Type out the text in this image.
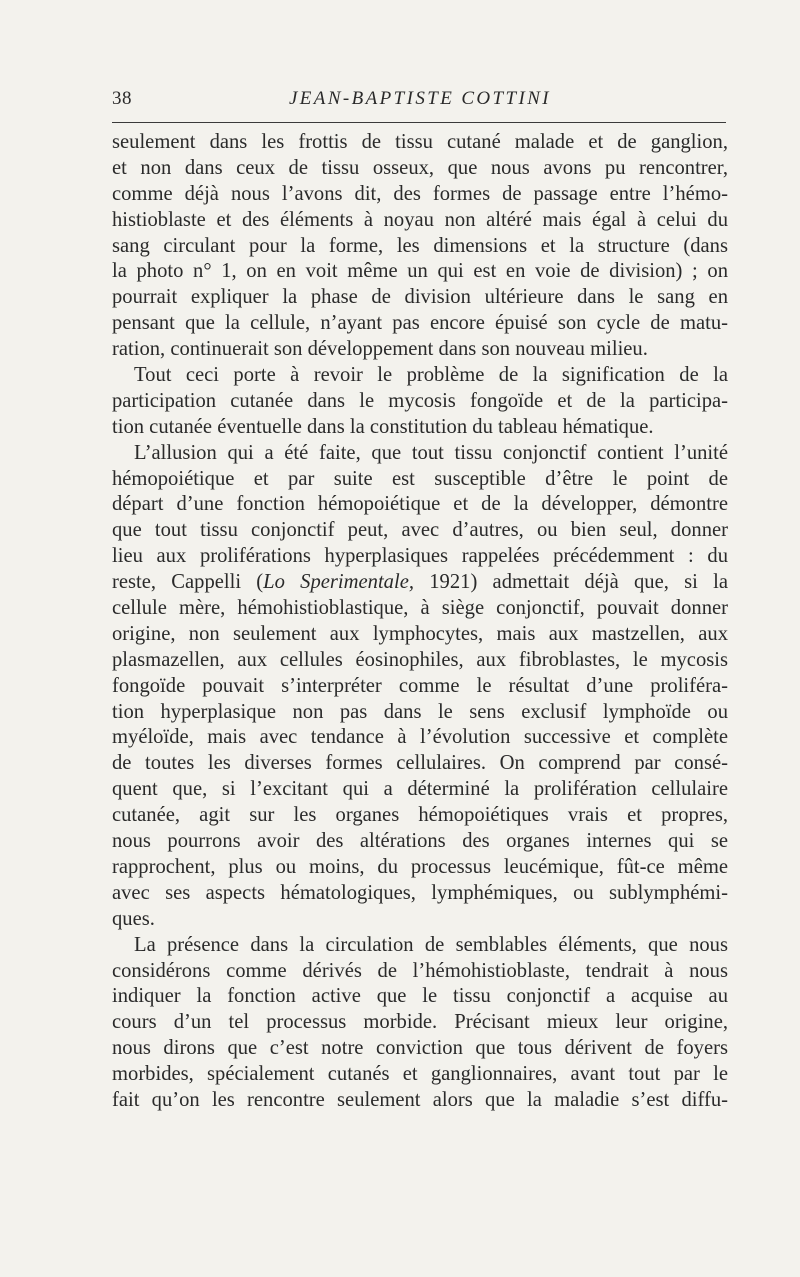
38	JEAN-BAPTISTE COTTINI
seulement dans les frottis de tissu cutané malade et de ganglion,
et non dans ceux de tissu osseux, que nous avons pu rencontrer,
comme déjà nous l’avons dit, des formes de passage entre l’hémo-
histioblaste et des éléments à noyau non altéré mais égal à celui du
sang circulant pour la forme, les dimensions et la structure (dans
la photo n° 1, on en voit même un qui est en voie de division) ; on
pourrait expliquer la phase de division ultérieure dans le sang en
pensant que la cellule, n’ayant pas encore épuisé son cycle de matu-
ration, continuerait son développement dans son nouveau milieu.
Tout ceci porte à revoir le problème de la signification de la
participation cutanée dans le mycosis fongoïde et de la participa-
tion cutanée éventuelle dans la constitution du tableau hématique.
L’allusion qui a été faite, que tout tissu conjonctif contient l’unité
hémopoiétique et par suite est susceptible d’être le point de
départ d’une fonction hémopoiétique et de la développer, démontre
que tout tissu conjonctif peut, avec d’autres, ou bien seul, donner
lieu aux proliférations hyperplasiques rappelées précédemment : du
reste, Cappelli (Lo Sperimentale, 1921) admettait déjà que, si la
cellule mère, hémohistioblastique, à siège conjonctif, pouvait donner
origine, non seulement aux lymphocytes, mais aux mastzellen, aux
plasmazellen, aux cellules éosinophiles, aux fibroblastes, le mycosis
fongoïde pouvait s’interpréter comme le résultat d’une proliféra-
tion hyperplasique non pas dans le sens exclusif lymphoïde ou
myéloïde, mais avec tendance à l’évolution successive et complète
de toutes les diverses formes cellulaires. On comprend par consé-
quent que, si l’excitant qui a déterminé la prolifération cellulaire
cutanée, agit sur les organes hémopoiétiques vrais et propres,
nous pourrons avoir des altérations des organes internes qui se
rapprochent, plus ou moins, du processus leucémique, fût-ce même
avec ses aspects hématologiques, lymphémiques, ou sublymphémi-
ques.
La présence dans la circulation de semblables éléments, que nous
considérons comme dérivés de l’hémohistioblaste, tendrait à nous
indiquer la fonction active que le tissu conjonctif a acquise au
cours d’un tel processus morbide. Précisant mieux leur origine,
nous dirons que c’est notre conviction que tous dérivent de foyers
morbides, spécialement cutanés et ganglionnaires, avant tout par le
fait qu’on les rencontre seulement alors que la maladie s’est diffu-
